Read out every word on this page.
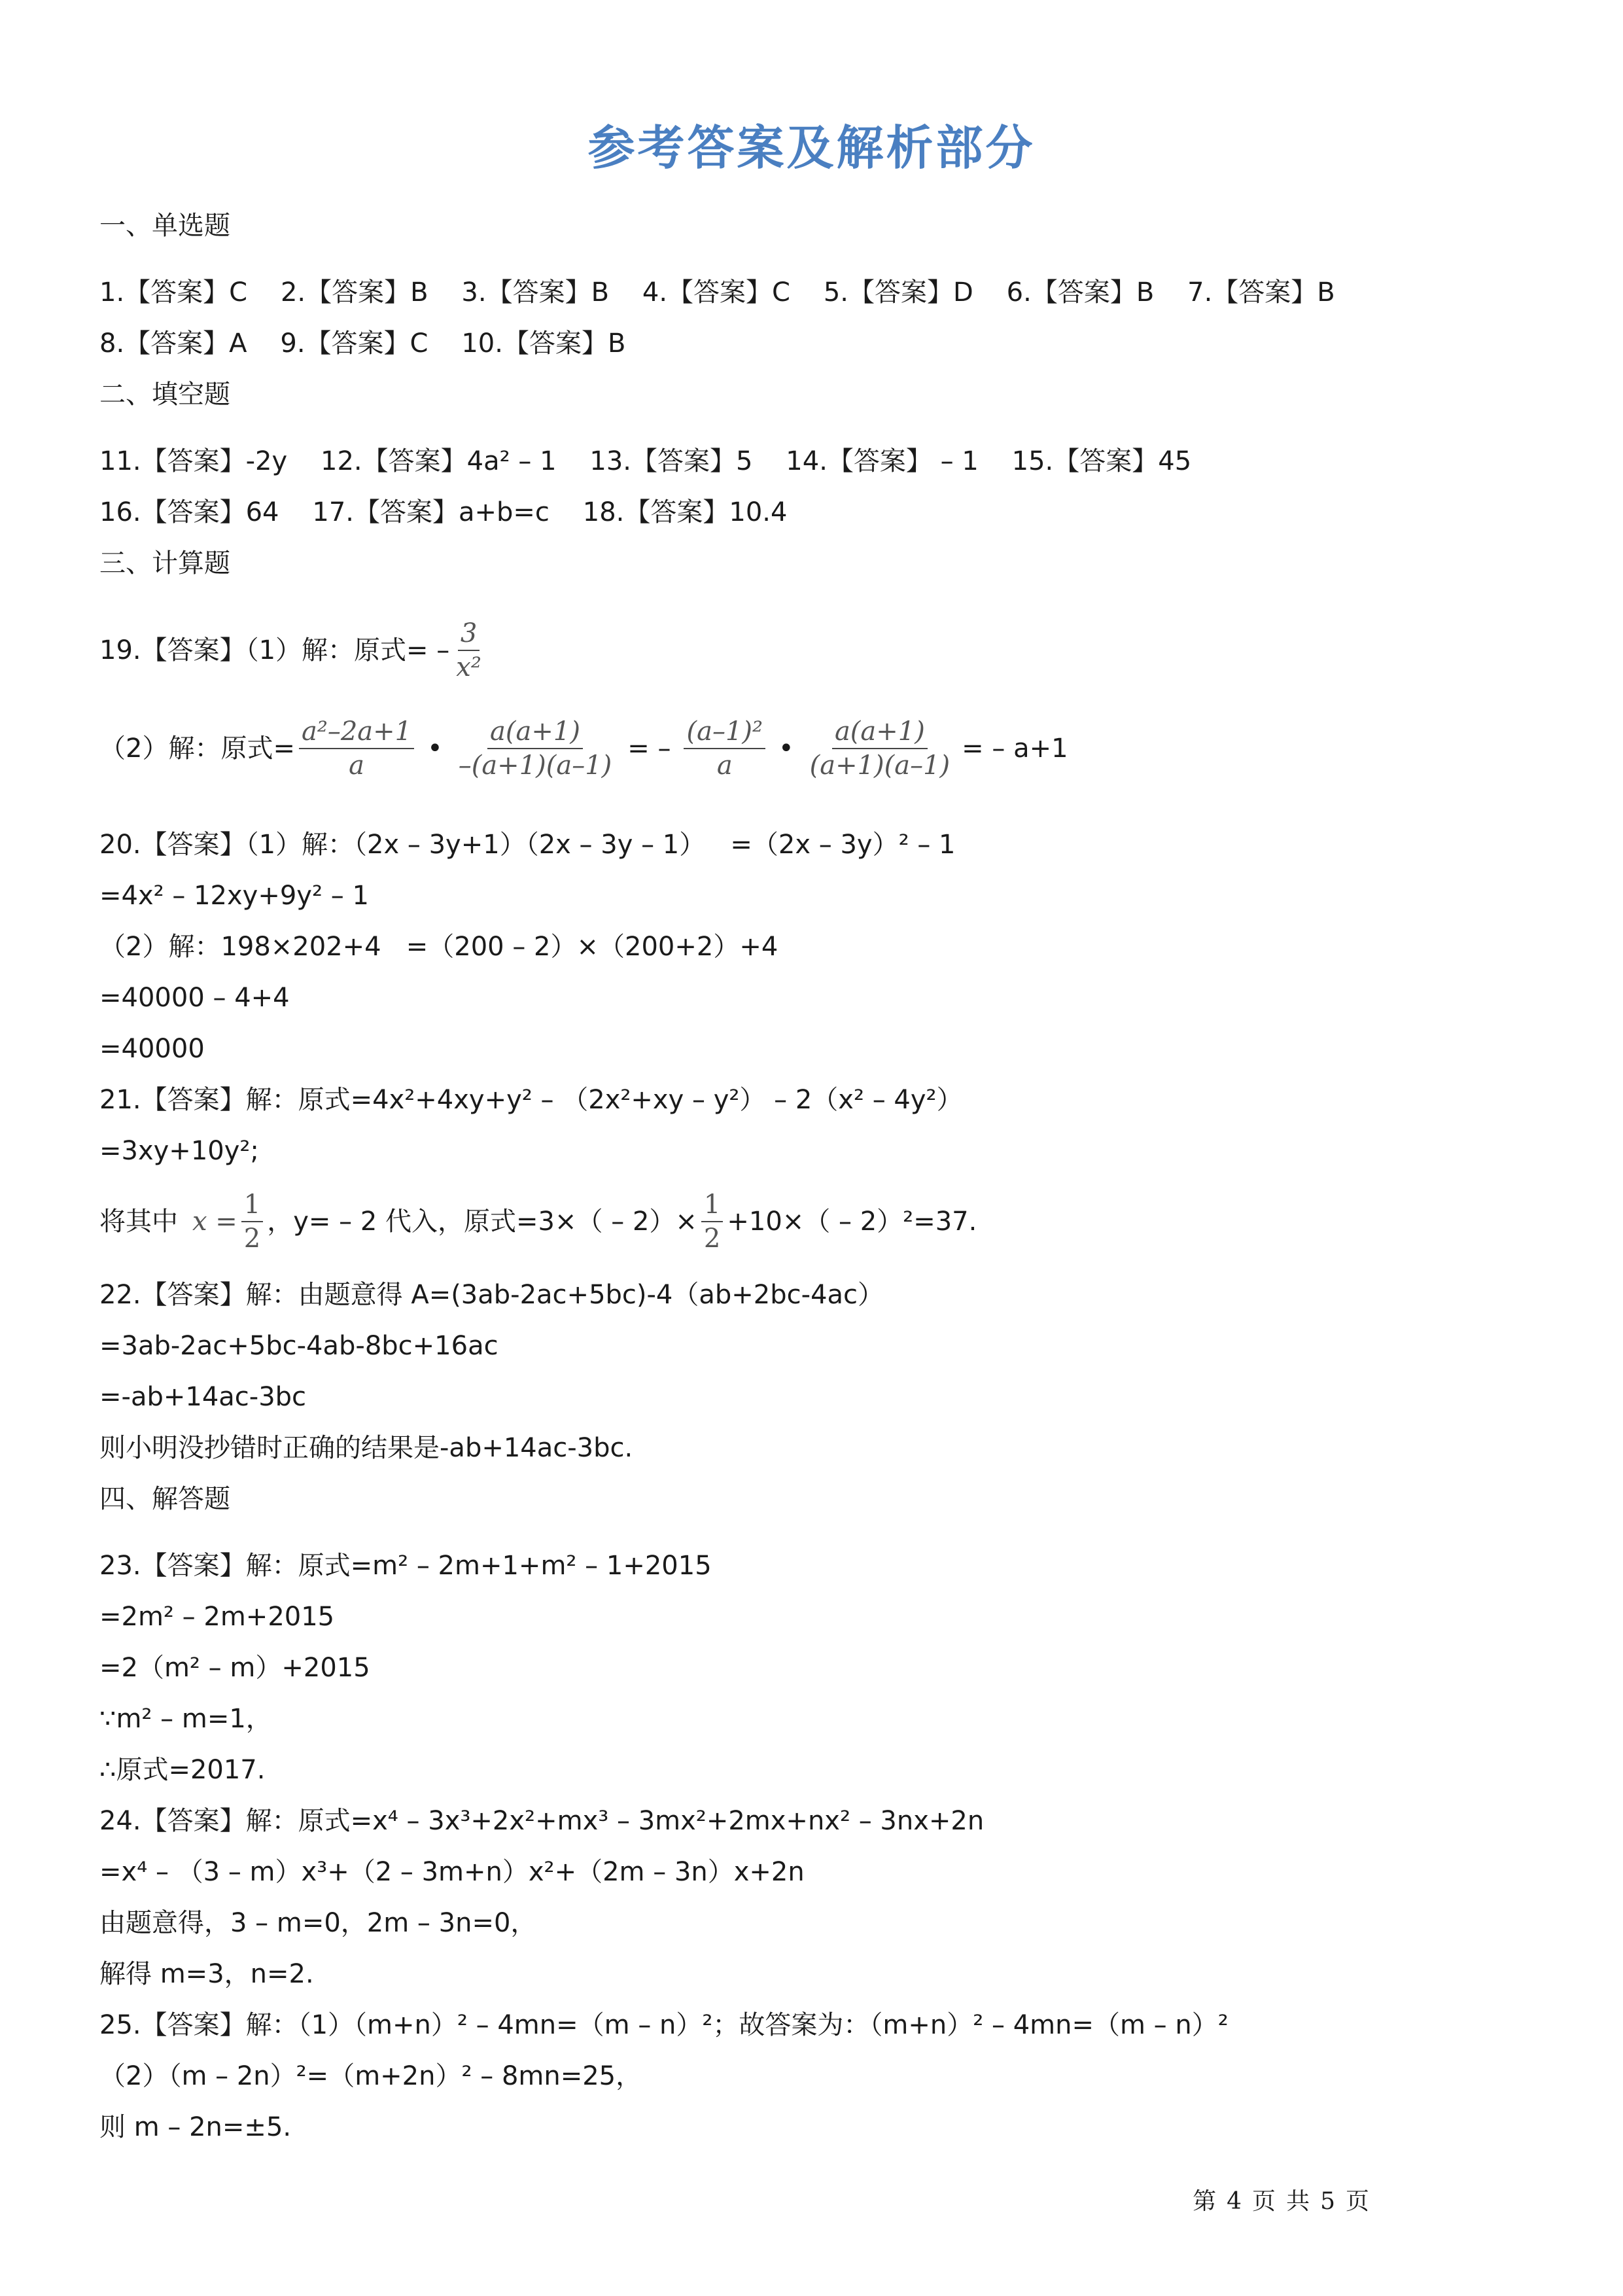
参考答案及解析部分
一、单选题
1.【答案】C    2.【答案】B    3.【答案】B    4.【答案】C    5.【答案】D    6.【答案】B    7.【答案】B
8.【答案】A    9.【答案】C    10.【答案】B
二、填空题
11.【答案】-2y    12.【答案】4a² – 1    13.【答案】5    14.【答案】 – 1    15.【答案】45
16.【答案】64    17.【答案】a+b=c    18.【答案】10.4
三、计算题
19.【答案】（1）解：原式= – $\frac{3}{\text{x²}}$
（2）解：原式= $\frac{\text{a²–2a+1}}{a}$ • $\frac{a(a+1)}{-(a+1)(a-1)}$ = – $\frac{\text{(a–1)²}}{a}$ • $\frac{a(a+1)}{(a+1)(a-1)}$ = – a+1
20.【答案】（1）解：（2x – 3y+1）（2x – 3y – 1）   =（2x – 3y）² – 1
=4x² – 12xy+9y² – 1
（2）解：198×202+4   =（200 – 2）×（200+2）+4
=40000 – 4+4
=40000
21.【答案】解：原式=4x²+4xy+y² – （2x²+xy – y²） – 2（x² – 4y²）
=3xy+10y²;
将其中 $x = \frac{1}{2}$ ，y= – 2 代入，原式$=3\times( - 2)\times \frac{1}{2} +10\times( - 2)^2=37$.
22.【答案】解：由题意得 A=(3ab-2ac+5bc)-4（ab+2bc-4ac）
=3ab-2ac+5bc-4ab-8bc+16ac
=-ab+14ac-3bc
则小明没抄错时正确的结果是-ab+14ac-3bc.
四、解答题
23.【答案】解：原式=m² – 2m+1+m² – 1+2015
=2m² – 2m+2015
=2（m² – m）+2015
∵m² – m=1，
∴原式=2017.
24.【答案】解：原式=x⁴ – 3x³+2x²+mx³ – 3mx²+2mx+nx² – 3nx+2n
=x⁴ – （3 – m）x³+（2 – 3m+n）x²+（2m – 3n）x+2n
由题意得，3 – m=0，2m – 3n=0，
解得 m=3，n=2.
25.【答案】解：（1）（m+n）² – 4mn=（m – n）²；故答案为：（m+n）² – 4mn=（m – n）²
（2）（m – 2n）²=（m+2n）² – 8mn=25，
则 m – 2n=±5.
第 4 页 共 5 页
